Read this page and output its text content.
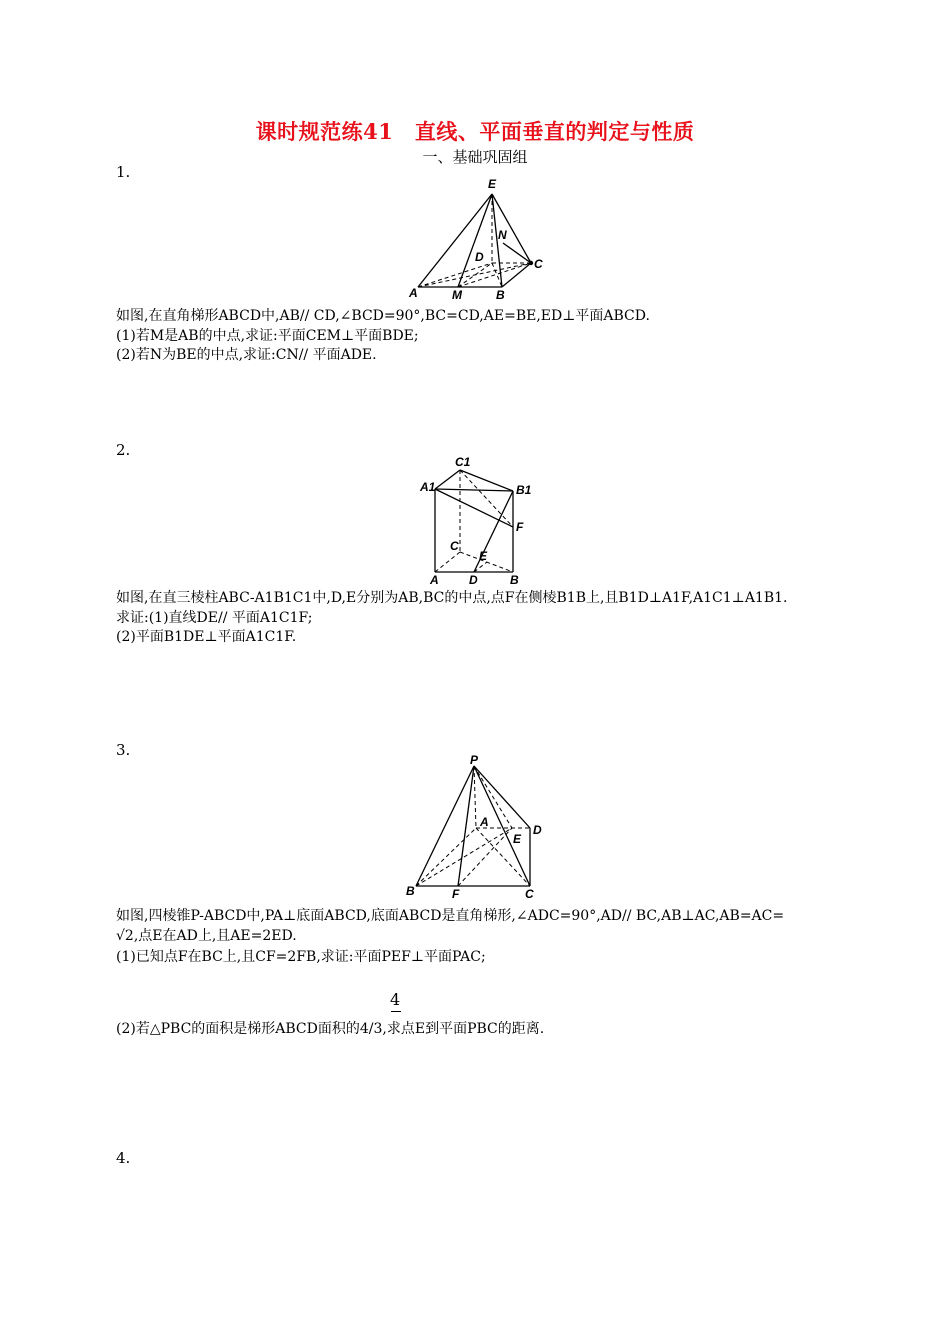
课时规范练41　直线、平面垂直的判定与性质
一、基础巩固组
1.
E
N
D	C
A	M	B
如图,在直角梯形ABCD中,AB// CD,∠BCD=90°,BC=CD,AE=BE,ED⊥平面ABCD.
(1)若M是AB的中点,求证:平面CEM⊥平面BDE;
(2)若N为BE的中点,求证:CN// 平面ADE.
2.
C1
A1	B1
F
C
E
A	D	B
如图,在直三棱柱ABC-A1B1C1中,D,E分别为AB,BC的中点,点F在侧棱B1B上,且B1D⊥A1F,A1C1⊥A1B1.
求证:(1)直线DE// 平面A1C1F;
(2)平面B1DE⊥平面A1C1F.
3.
P
A
D
E
B	F	C
如图,四棱锥P-ABCD中,PA⊥底面ABCD,底面ABCD是直角梯形,∠ADC=90°,AD// BC,AB⊥AC,AB=AC=
√2,点E在AD上,且AE=2ED.
(1)已知点F在BC上,且CF=2FB,求证:平面PEF⊥平面PAC;
(2)若△PBC的面积是梯形ABCD面积的4/3,求点E到平面PBC的距离.
4
4.
